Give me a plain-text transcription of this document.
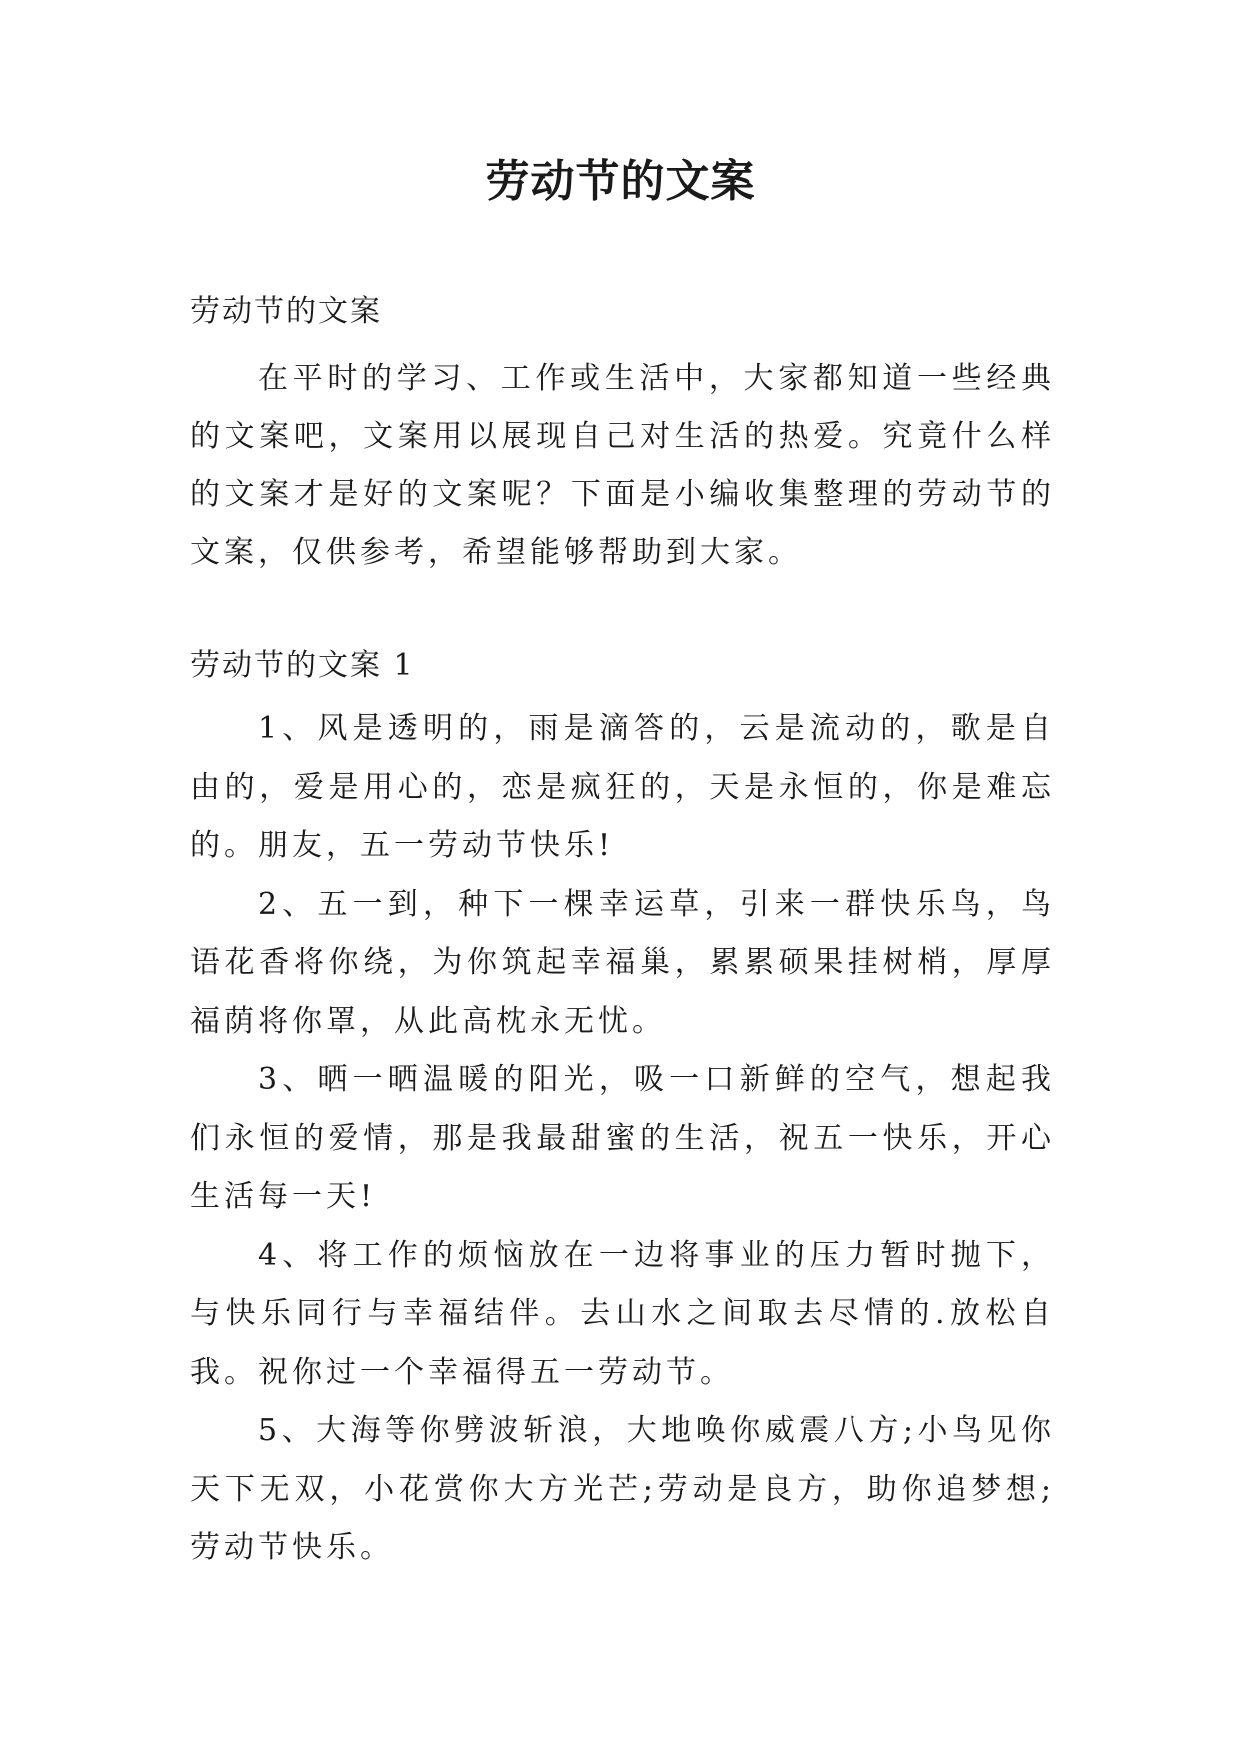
劳动节的文案
劳动节的文案

在平时的学习、工作或生活中，大家都知道一些经典的文案吧，文案用以展现自己对生活的热爱。究竟什么样的文案才是好的文案呢？下面是小编收集整理的劳动节的文案，仅供参考，希望能够帮助到大家。

劳动节的文案 1

1、风是透明的，雨是滴答的，云是流动的，歌是自由的，爱是用心的，恋是疯狂的，天是永恒的，你是难忘的。朋友，五一劳动节快乐!

2、五一到，种下一棵幸运草，引来一群快乐鸟，鸟语花香将你绕，为你筑起幸福巢，累累硕果挂树梢，厚厚福荫将你罩，从此高枕永无忧。

3、晒一晒温暖的阳光，吸一口新鲜的空气，想起我们永恒的爱情，那是我最甜蜜的生活，祝五一快乐，开心生活每一天!

4、将工作的烦恼放在一边将事业的压力暂时抛下，与快乐同行与幸福结伴。去山水之间取去尽情的.放松自我。祝你过一个幸福得五一劳动节。

5、大海等你劈波斩浪，大地唤你威震八方;小鸟见你天下无双，小花赏你大方光芒;劳动是良方，助你追梦想;劳动节快乐。
